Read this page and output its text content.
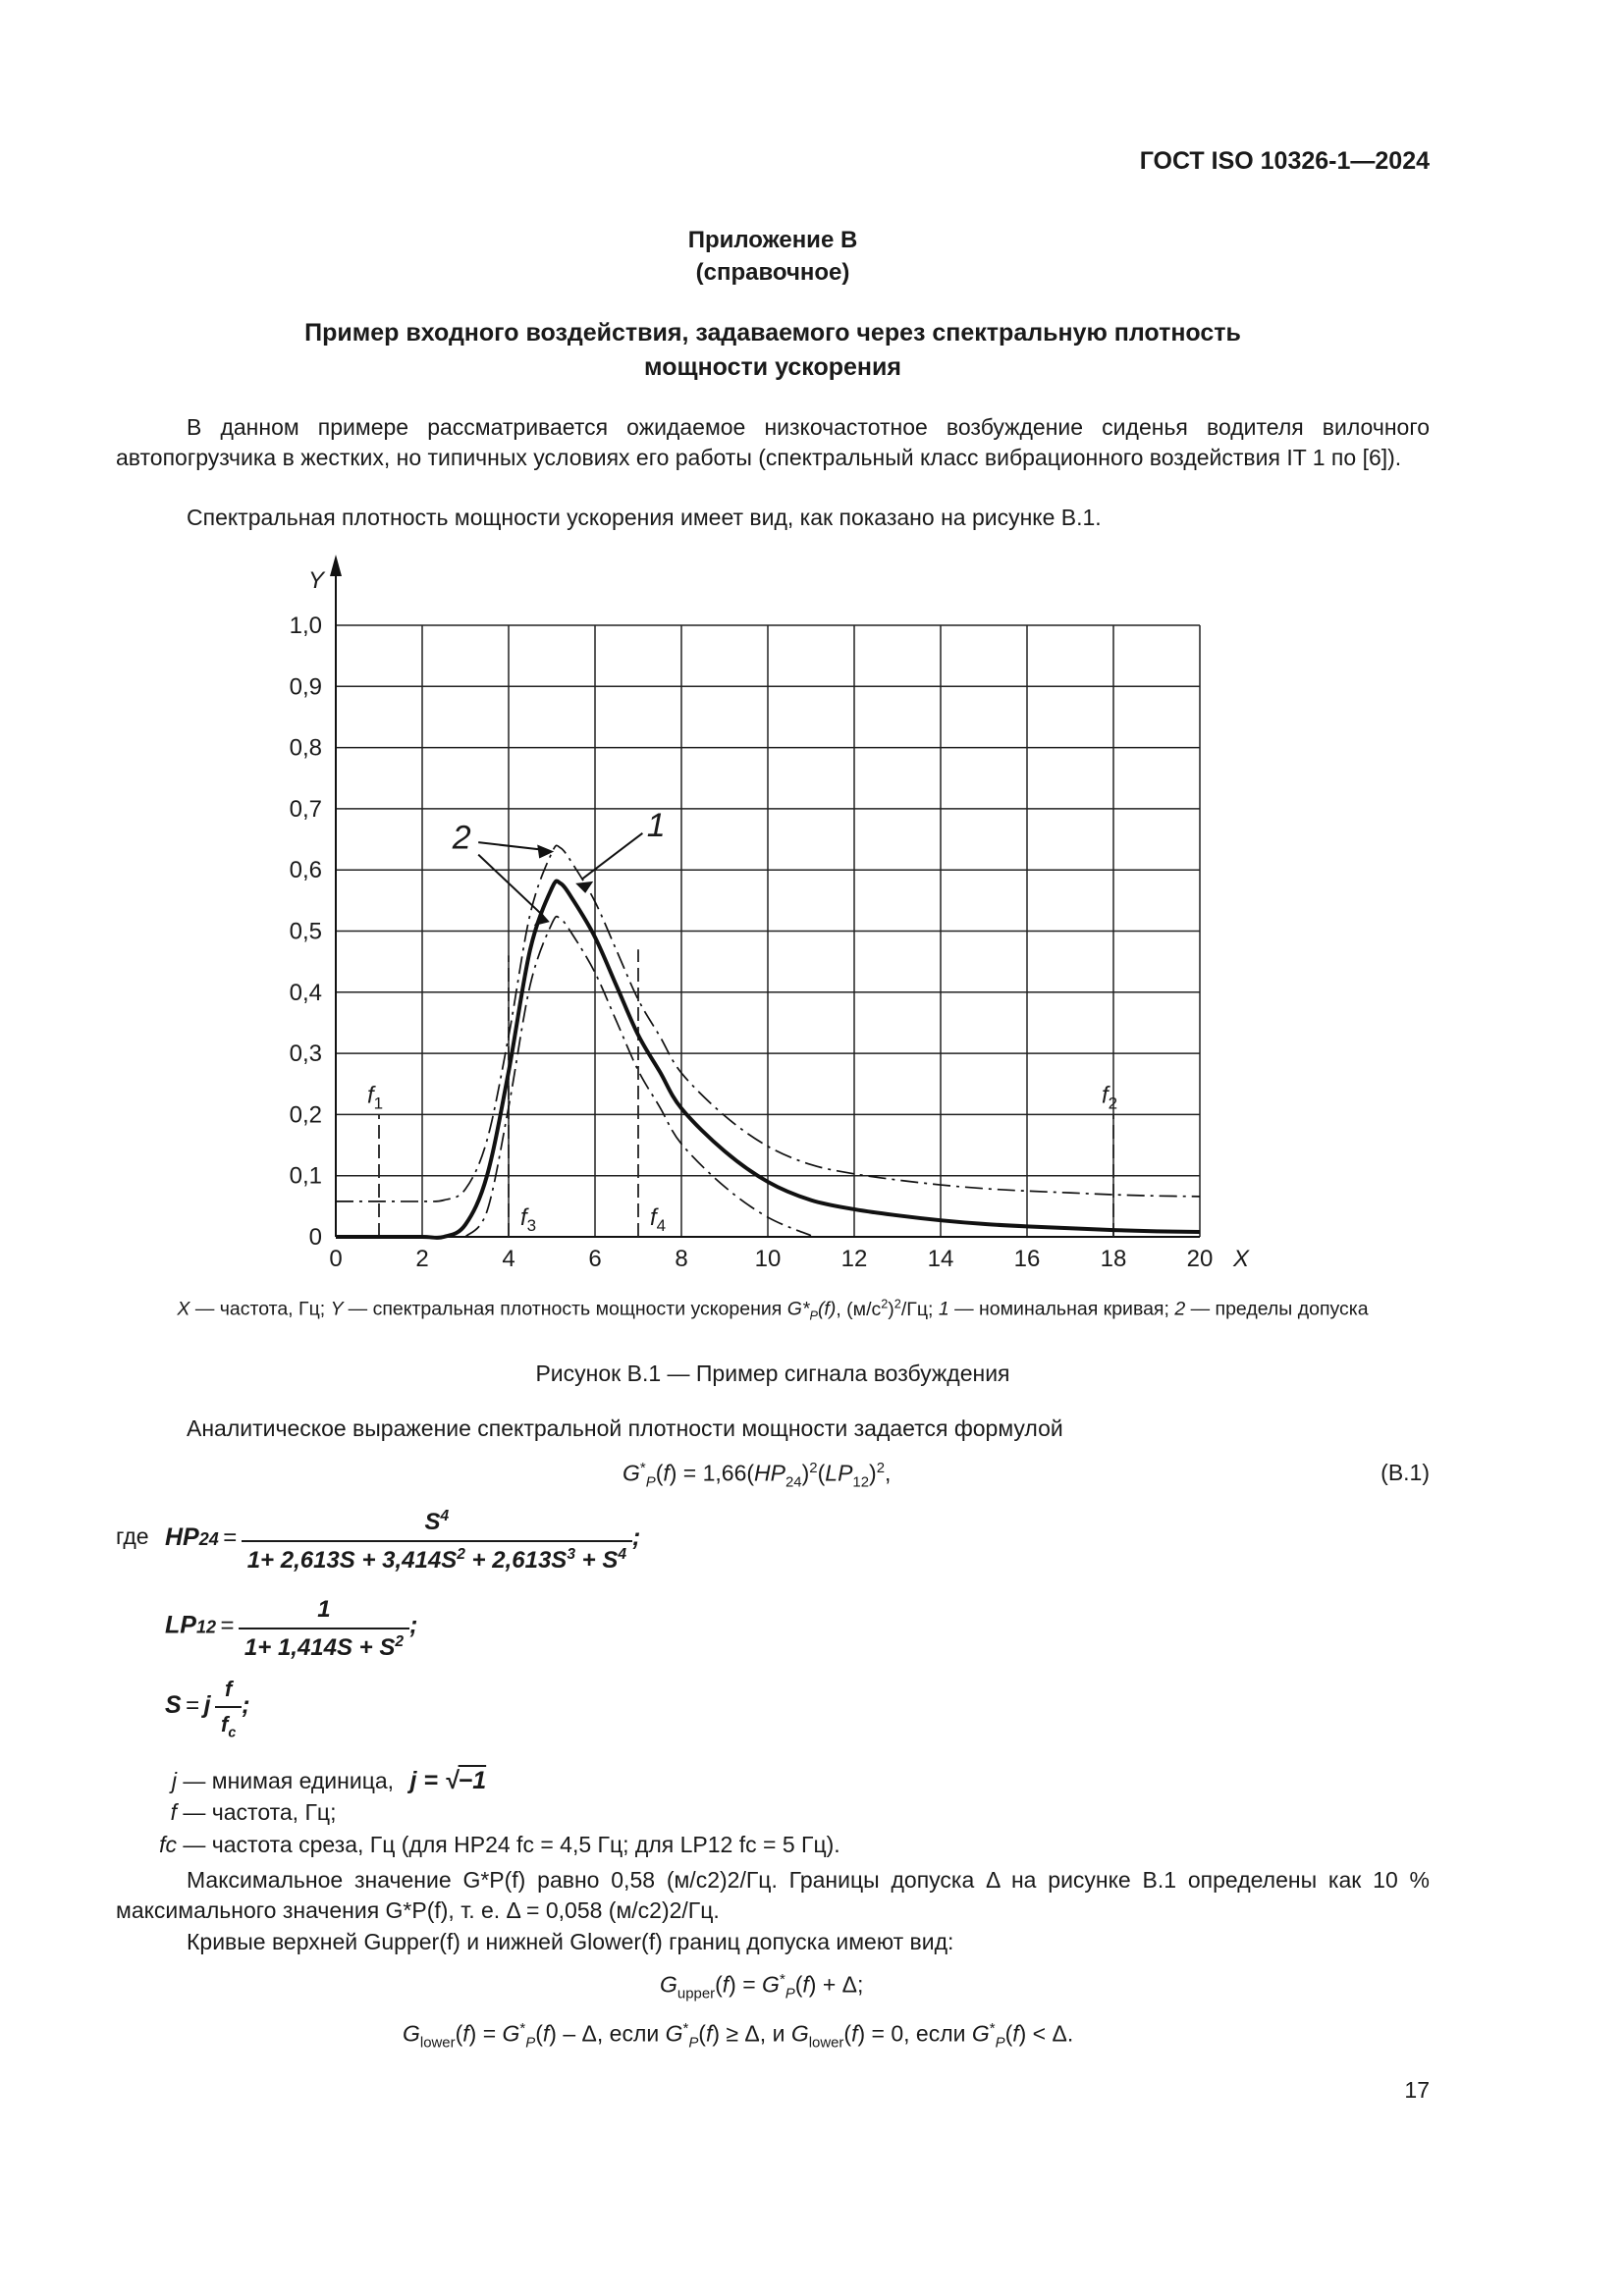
ГОСТ ISO 10326-1—2024
Приложение B
(справочное)
Пример входного воздействия, задаваемого через спектральную плотность
мощности ускорения
В данном примере рассматривается ожидаемое низкочастотное возбуждение сиденья водителя вилочного автопогрузчика в жестких, но типичных условиях его работы (спектральный класс вибрационного воздействия IT 1 по [6]).
Спектральная плотность мощности ускорения имеет вид, как показано на рисунке B.1.
0	2	4	6	8	10	12	14	16	18	20
0
0,1
0,2
0,3
0,4
0,5
0,6
0,7
0,8
0,9
1,0
Y
X
$f_1$	$f_2$
$f_3$	$f_4$
1
2
X — частота, Гц; Y — спектральная плотность мощности ускорения $G*_P(f)$, $(м/с^2)^2/Гц$; 1 — номинальная кривая; 2 — пределы допуска
Рисунок B.1 — Пример сигнала возбуждения
Аналитическое выражение спектральной плотности мощности задается формулой
$G^*_P(f) = 1,66(HP_{24})^2(LP_{12})^2$,	(B.1)
где $HP24 = \frac{S^4}{1+ 2,613S + 3,414S^2 + 2,613S^3 + S^4}$ ;
$LP12 = \frac{1}{1+ 1,414S + S^2}$ ;
S = j $\frac{f}{f_c}$ ;
j — мнимая единица, j = √−1
f — частота, Гц;
fc — частота среза, Гц (для HP24 fc = 4,5 Гц; для LP12 fc = 5 Гц).
Максимальное значение G*P(f) равно 0,58 (м/с2)2/Гц. Границы допуска Δ на рисунке B.1 определены как 10 % максимального значения G*P(f), т. е. Δ = 0,058 (м/с2)2/Гц.
Кривые верхней Gupper(f) и нижней Glower(f) границ допуска имеют вид:
$G_{upper}(f) = G^*_P(f) + \Delta$;
$G_{lower}(f) = G^*_P(f) - \Delta$, если $G^*_P(f) \ge \Delta$, и $G_{lower}(f) = 0$, если $G^*_P(f) < \Delta$.
17
